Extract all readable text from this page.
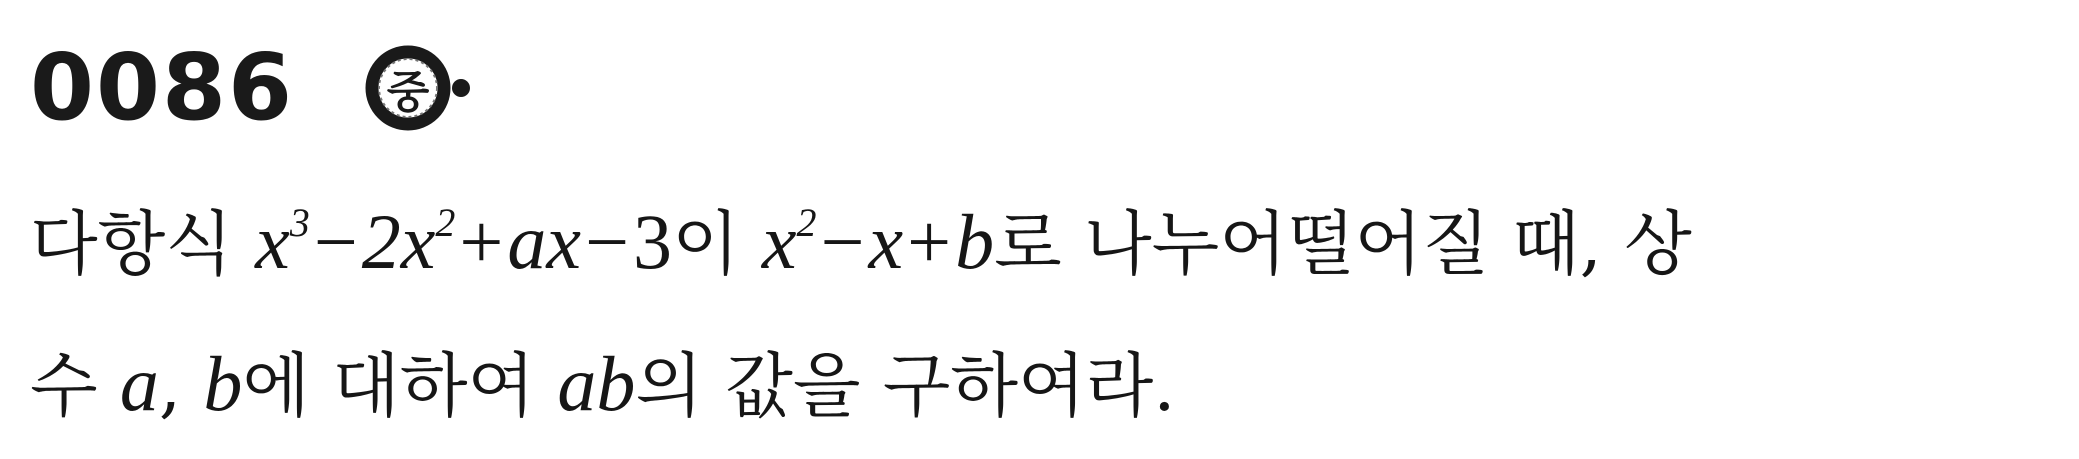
0086	중
다항식 $x^3-2x^2+ax-3$이 $x^2-x+b$로 나누어떨어질 때, 상
수 a, b에 대하여 ab의 값을 구하여라.
